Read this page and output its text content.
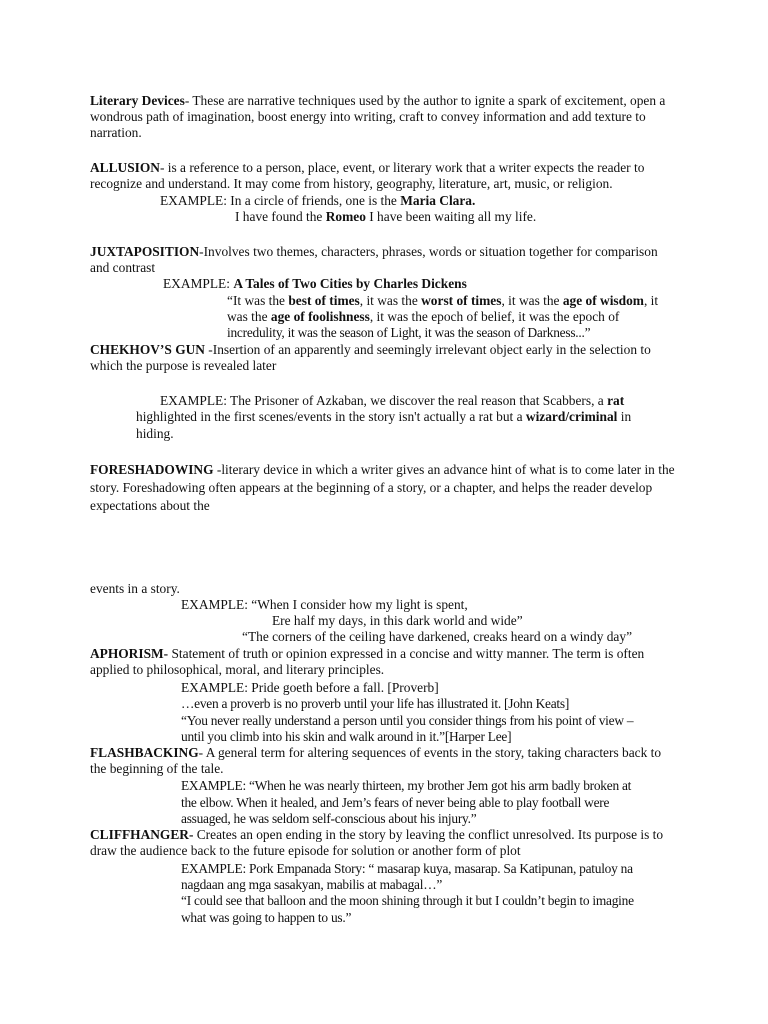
Literary Devices- These are narrative techniques used by the author to ignite a spark of excitement, open a wondrous path of imagination, boost energy into writing, craft to convey information and add texture to narration.

ALLUSION- is a reference to a person, place, event, or literary work that a writer expects the reader to recognize and understand. It may come from history, geography, literature, art, music, or religion.

EXAMPLE: In a circle of friends, one is the Maria Clara.

I have found the Romeo I have been waiting all my life.

JUXTAPOSITION-Involves two themes, characters, phrases, words or situation together for comparison and contrast

EXAMPLE: A Tales of Two Cities by Charles Dickens

“It was the best of times, it was the worst of times, it was the age of wisdom, it

was the age of foolishness, it was the epoch of belief, it was the epoch of

incredulity, it was the season of Light, it was the season of Darkness...”

CHEKHOV’S GUN -Insertion of an apparently and seemingly irrelevant object early in the selection to which the purpose is revealed later

EXAMPLE: The Prisoner of Azkaban, we discover the real reason that Scabbers, a rat

highlighted in the first scenes/events in the story isn't actually a rat but a wizard/criminal in

hiding.

FORESHADOWING -literary device in which a writer gives an advance hint of what is to come later in the story. Foreshadowing often appears at the beginning of a story, or a chapter, and helps the reader develop expectations about the

events in a story.

EXAMPLE: “When I consider how my light is spent,

Ere half my days, in this dark world and wide”

“The corners of the ceiling have darkened, creaks heard on a windy day”

APHORISM- Statement of truth or opinion expressed in a concise and witty manner. The term is often applied to philosophical, moral, and literary principles.

EXAMPLE: Pride goeth before a fall. [Proverb]

…even a proverb is no proverb until your life has illustrated it. [John Keats]

“You never really understand a person until you consider things from his point of view –

until you climb into his skin and walk around in it.”[Harper Lee]

FLASHBACKING- A general term for altering sequences of events in the story, taking characters back to the beginning of the tale.

EXAMPLE: “When he was nearly thirteen, my brother Jem got his arm badly broken at

the elbow. When it healed, and Jem’s fears of never being able to play football were

assuaged, he was seldom self-conscious about his injury.”

CLIFFHANGER- Creates an open ending in the story by leaving the conflict unresolved. Its purpose is to draw the audience back to the future episode for solution or another form of plot

EXAMPLE: Pork Empanada Story: “ masarap kuya, masarap. Sa Katipunan, patuloy na

nagdaan ang mga sasakyan, mabilis at mabagal…”

“I could see that balloon and the moon shining through it but I couldn’t begin to imagine

what was going to happen to us.”
